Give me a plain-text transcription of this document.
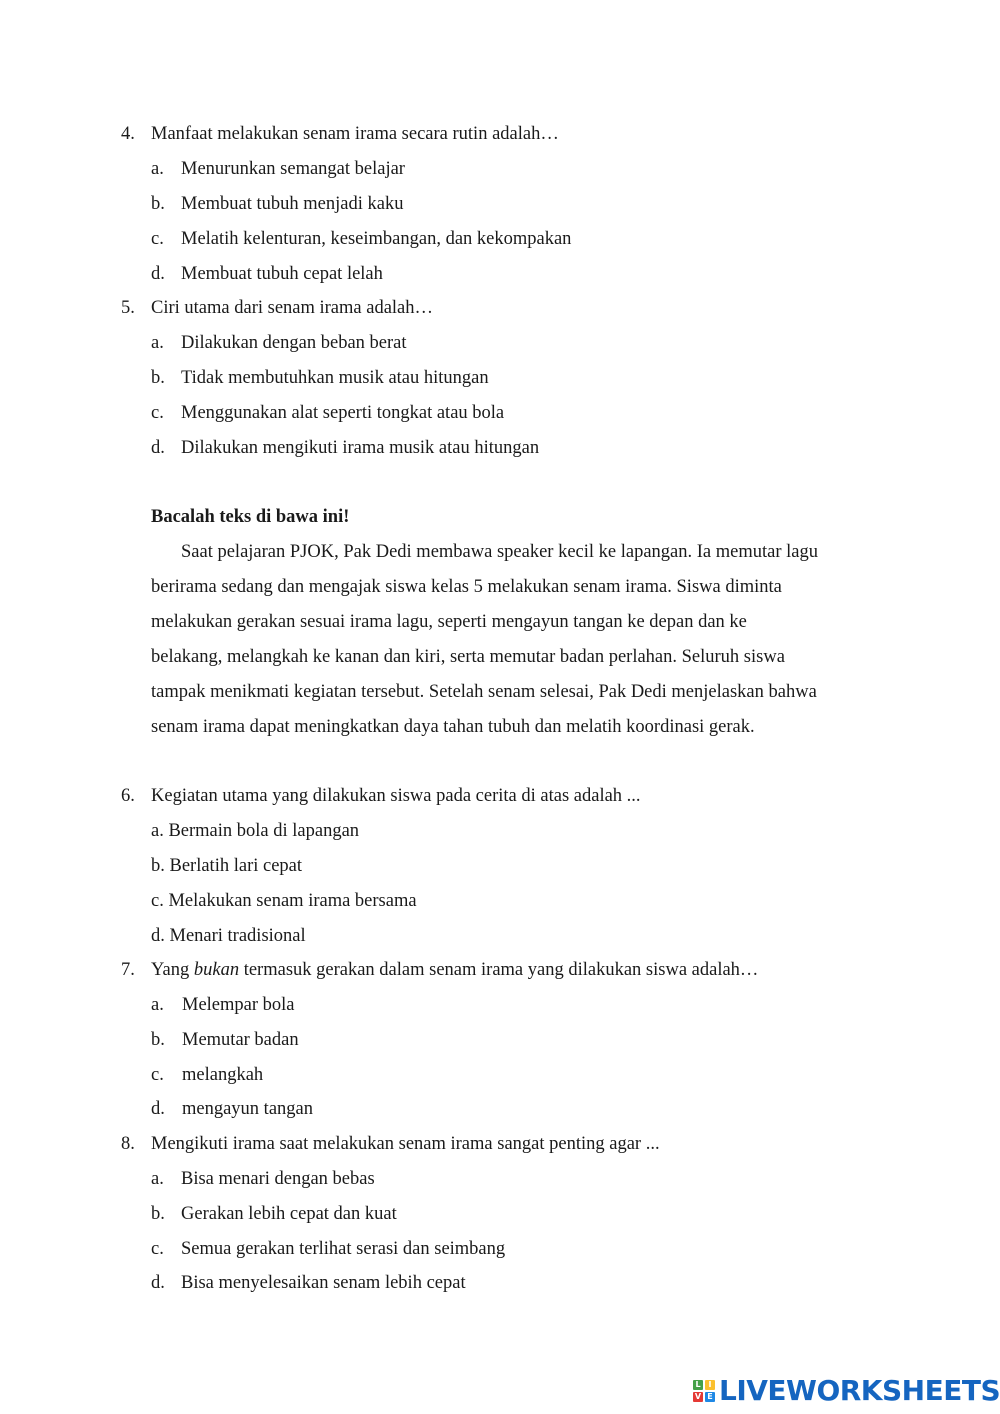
4. Manfaat melakukan senam irama secara rutin adalah…
a. Menurunkan semangat belajar
b. Membuat tubuh menjadi kaku
c. Melatih kelenturan, keseimbangan, dan kekompakan
d. Membuat tubuh cepat lelah
5. Ciri utama dari senam irama adalah…
a. Dilakukan dengan beban berat
b. Tidak membutuhkan musik atau hitungan
c. Menggunakan alat seperti tongkat atau bola
d. Dilakukan mengikuti irama musik atau hitungan
Bacalah teks di bawa ini!
Saat pelajaran PJOK, Pak Dedi membawa speaker kecil ke lapangan. Ia memutar lagu
berirama sedang dan mengajak siswa kelas 5 melakukan senam irama. Siswa diminta
melakukan gerakan sesuai irama lagu, seperti mengayun tangan ke depan dan ke
belakang, melangkah ke kanan dan kiri, serta memutar badan perlahan. Seluruh siswa
tampak menikmati kegiatan tersebut. Setelah senam selesai, Pak Dedi menjelaskan bahwa
senam irama dapat meningkatkan daya tahan tubuh dan melatih koordinasi gerak.
6. Kegiatan utama yang dilakukan siswa pada cerita di atas adalah ...
a. Bermain bola di lapangan
b. Berlatih lari cepat
c. Melakukan senam irama bersama
d. Menari tradisional
7. Yang bukan termasuk gerakan dalam senam irama yang dilakukan siswa adalah…
a. Melempar bola
b. Memutar badan
c. melangkah
d. mengayun tangan
8. Mengikuti irama saat melakukan senam irama sangat penting agar ...
a. Bisa menari dengan bebas
b. Gerakan lebih cepat dan kuat
c. Semua gerakan terlihat serasi dan seimbang
d. Bisa menyelesaikan senam lebih cepat
L I
V E LIVEWORKSHEETS
